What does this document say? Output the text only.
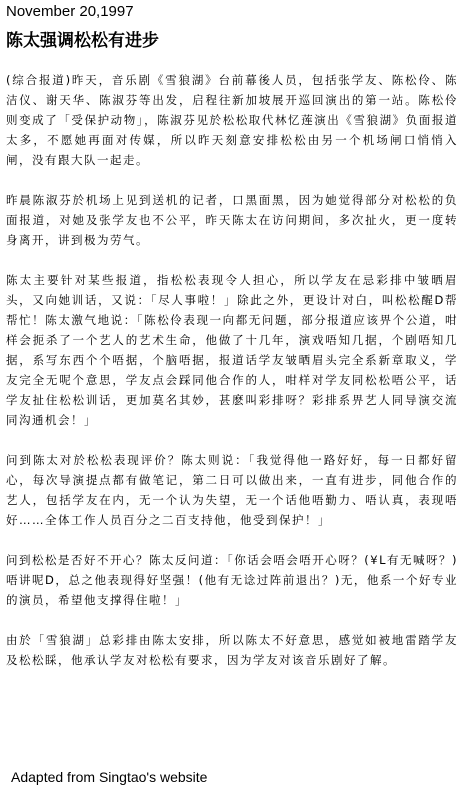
November 20,1997
陈太强调松松有进步

(综合报道)昨天，音乐剧《雪狼湖》台前幕後人员，包括张学友、陈松伶、陈洁仪、谢天华、陈淑芬等出发，启程往新加坡展开巡回演出的第一站。陈松伶则变成了「受保护动物」，陈淑芬见於松松取代林忆莲演出《雪狼湖》负面报道太多，不愿她再面对传媒，所以昨天刻意安排松松由另一个机场闸口悄悄入闸，没有跟大队一起走。

昨晨陈淑芬於机场上见到送机的记者，口黑面黑，因为她觉得部分对松松的负面报道，对她及张学友也不公平，昨天陈太在访问期间，多次扯火，更一度转身离开，讲到极为劳气。

陈太主要针对某些报道，指松松表现令人担心，所以学友在忌彩排中皱晒眉头，又向她训话，又说：「尽人事啦！」除此之外，更设计对白，叫松松醒D帮帮忙！陈太激气地说：「陈松伶表现一向都无问题，部分报道应该畀个公道，咁样会扼杀了一个艺人的艺术生命，他做了十几年，演戏唔知几据，个剧唔知几据，系写东西个个唔据，个脑唔据，报道话学友皱晒眉头完全系新章取义，学友完全无呢个意思，学友点会踩同他合作的人，咁样对学友同松松唔公平，话学友扯住松松训话，更加莫名其妙，甚麽叫彩排呀？彩排系畀艺人同导演交流同沟通机会！」

问到陈太对於松松表现评价？陈太则说：「我觉得他一路好好，每一日都好留心，每次导演提点都有做笔记，第二日可以做出来，一直有进步，同他合作的艺人，包括学友在内，无一个认为失望，无一个话他唔勤力、唔认真，表现唔好……全体工作人员百分之二百支持他，他受到保护！」

问到松松是否好不开心？陈太反问道：「你话会唔会唔开心呀？(¥L有无喊呀？)唔讲呢D，总之他表现得好坚强！(他有无谂过阵前退出？)无，他系一个好专业的演员，希望他支撑得住啦！」

由於「雪狼湖」总彩排由陈太安排，所以陈太不好意思，感觉如被地雷踏学友及松松睬，他承认学友对松松有要求，因为学友对该音乐剧好了解。

Adapted from Singtao's website
